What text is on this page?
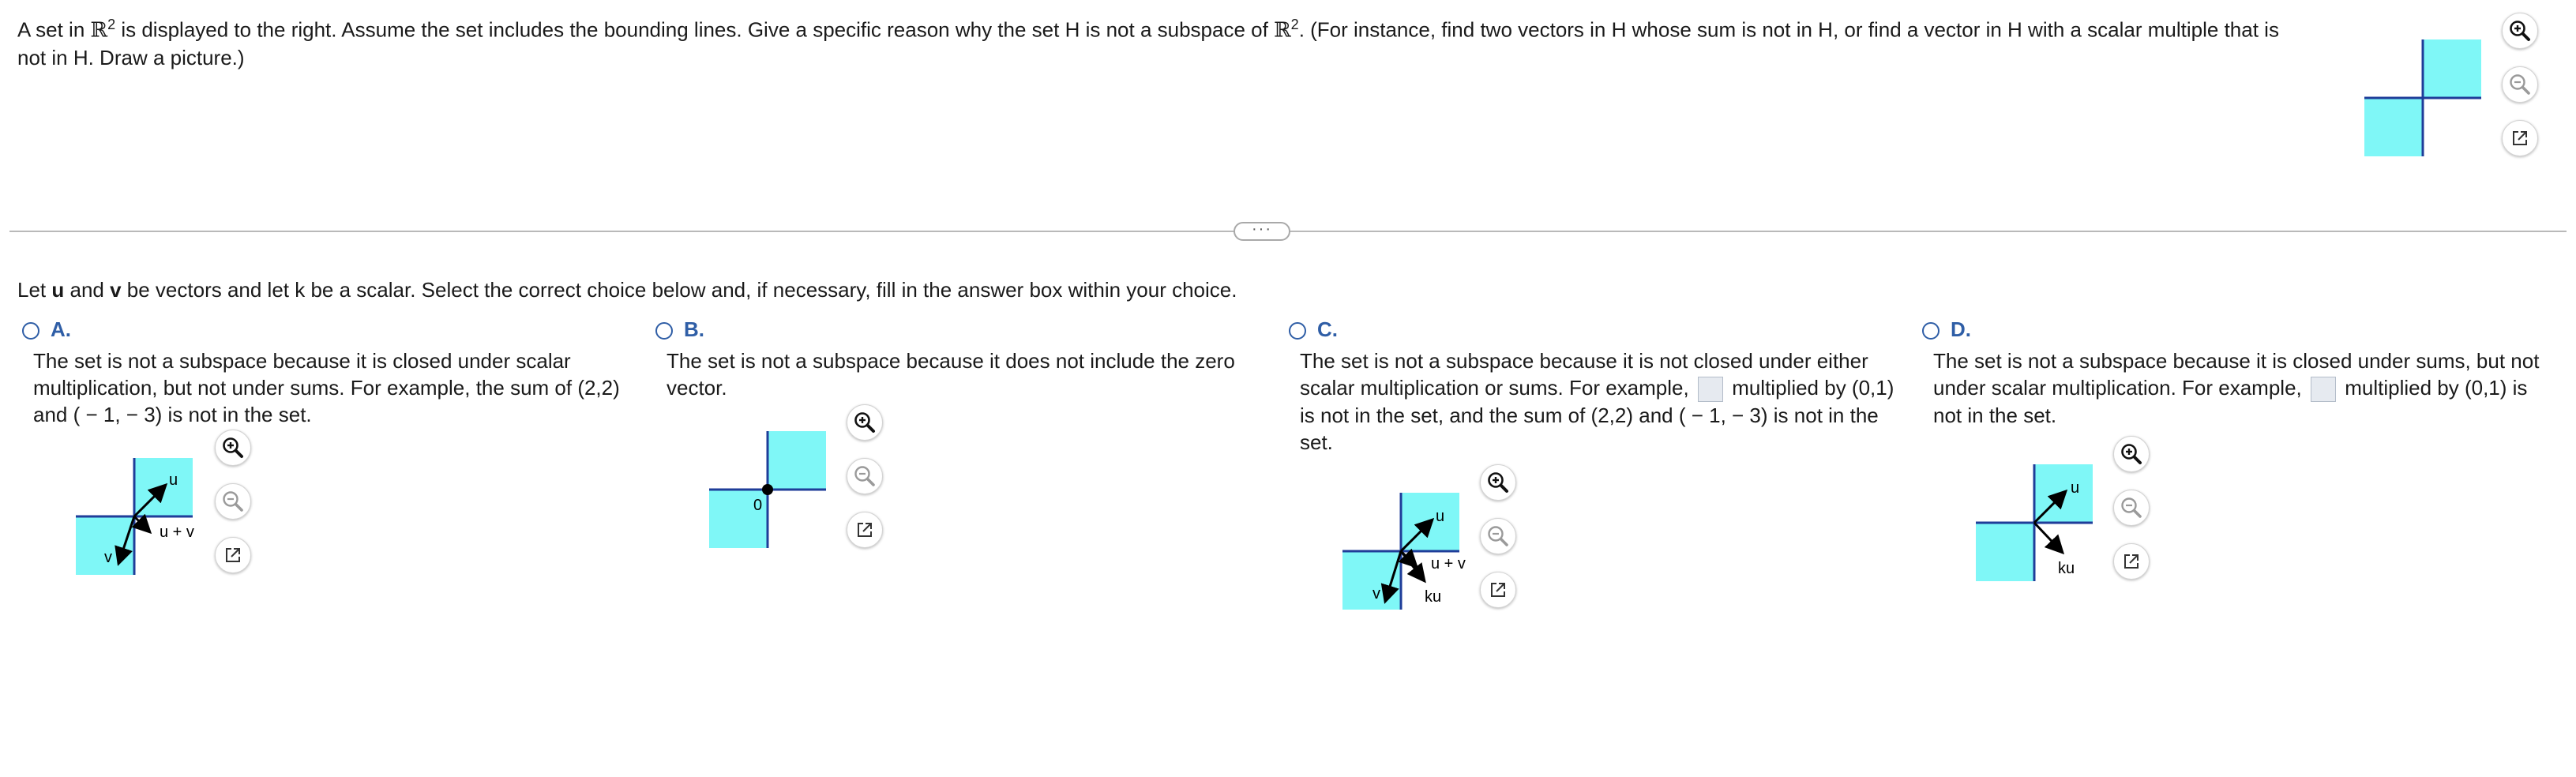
A set in ℝ$^2$ is displayed to the right. Assume the set includes the bounding lines. Give a specific reason why the set H is not a subspace of ℝ$^2$. (For instance, find two vectors in H whose sum is not in H, or find a vector in H with a scalar multiple that is not in H. Draw a picture.)
···
Let u and v be vectors and let k be a scalar. Select the correct choice below and, if necessary, fill in the answer box within your choice.
A.
The set is not a subspace because it is closed under scalar multiplication, but not under sums. For example, the sum of (2,2) and ( − 1, − 3) is not in the set.
u
v
u + v
B.
The set is not a subspace because it does not include the zero vector.
0
C.
The set is not a subspace because it is not closed under either scalar multiplication or sums. For example, multiplied by (0,1) is not in the set, and the sum of (2,2) and ( − 1, − 3) is not in the set.
u
v
u + v
ku
D.
The set is not a subspace because it is closed under sums, but not under scalar multiplication. For example, multiplied by (0,1) is not in the set.
u
ku
